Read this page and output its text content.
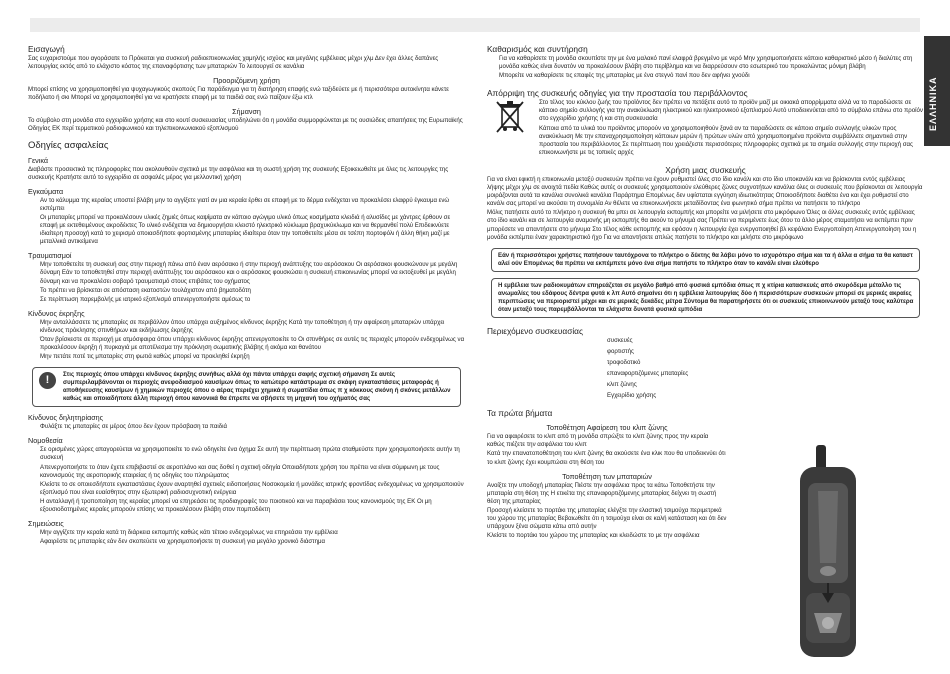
ΕΛΛΗΝΙΚΑ
Εισαγωγή

Σας ευχαριστούμε που αγοράσατε το Πρόκειται για συσκευή ραδιοεπικοινωνίας χαμηλής ισχύος και μεγάλης εμβέλειας μέχρι χλμ Δεν έχει άλλες δαπάνες λειτουργίας εκτός από το ελάχιστο κόστος της επαναφόρτισης των μπαταριών Το λειτουργεί σε κανάλια

Προοριζόμενη χρήση

Μπορεί επίσης να χρησιμοποιηθεί για ψυχαγωγικούς σκοπούς Για παράδειγμα για τη διατήρηση επαφής ενώ ταξιδεύετε με ή περισσότερα αυτοκίνητα κάνετε ποδήλατο ή σκι Μπορεί να χρησιμοποιηθεί για να κρατήσετε επαφή με τα παιδιά σας ενώ παίζουν έξω κτλ

Σήμανση

Το σύμβολο στη μονάδα στο εγχειρίδιο χρήσης και στο κουτί συσκευασίας υποδηλώνει ότι η μονάδα συμμορφώνεται με τις ουσιώδεις απαιτήσεις της Ευρωπαϊκής Οδηγίας ΕΚ περί τερματικού ραδιοφωνικού και τηλεπικοινωνιακού εξοπλισμού

Οδηγίες ασφαλείας
Γενικά

Διαβάστε προσεκτικά τις πληροφορίες που ακολουθούν σχετικά με την ασφάλεια και τη σωστή χρήση της συσκευής Εξοικειωθείτε με όλες τις λειτουργίες της συσκευής Κρατήστε αυτό το εγχειρίδιο σε ασφαλές μέρος για μελλοντική χρήση

Εγκαύματα

Αν το κάλυμμα της κεραίας υποστεί βλάβη μην το αγγίξετε γιατί αν μια κεραία έρθει σε επαφή με το δέρμα ενδέχεται να προκαλέσει ελαφρύ έγκαυμα ενώ εκπέμπει

Οι μπαταρίες μπορεί να προκαλέσουν υλικές ζημιές όπως καψίματα αν κάποιο αγώγιμο υλικό όπως κοσμήματα κλειδιά ή αλυσίδες με χάντρες έρθουν σε επαφή με εκτεθειμένους ακροδέκτες Το υλικό ενδέχεται να δημιουργήσει κλειστό ηλεκτρικό κύκλωμα βραχυκύκλωμα και να θερμανθεί πολύ Επιδεικνύετε ιδιαίτερη προσοχή κατά το χειρισμό οποιασδήποτε φορτισμένης μπαταρίας ιδιαίτερα όταν την τοποθετείτε μέσα σε τσέπη πορτοφόλι ή άλλη θήκη μαζί με μεταλλικά αντικείμενα

Τραυματισμοί

Μην τοποθετείτε τη συσκευή σας στην περιοχή πάνω από έναν αερόσακο ή στην περιοχή ανάπτυξης του αερόσακου Οι αερόσακοι φουσκώνουν με μεγάλη δύναμη Εάν το τοποθετηθεί στην περιοχή ανάπτυξης του αερόσακου και ο αερόσακος φουσκώσει η συσκευή επικοινωνίας μπορεί να εκτοξευθεί με μεγάλη δύναμη και να προκαλέσει σοβαρό τραυματισμό στους επιβάτες του οχήματος

Το πρέπει να βρίσκεται σε απόσταση εκατοστών τουλάχιστον από βηματοδότη

Σε περίπτωση παρεμβολής με ιατρικό εξοπλισμό απενεργοποιήστε αμέσως το

Κίνδυνος έκρηξης

Μην ανταλλάσσετε τις μπαταρίες σε περιβάλλον όπου υπάρχει αυξημένος κίνδυνος έκρηξης Κατά την τοποθέτηση ή την αφαίρεση μπαταριών υπάρχει κίνδυνος πρόκλησης σπινθήρων και εκδήλωσης έκρηξης

Όταν βρίσκεστε σε περιοχή με ατμόσφαιρα όπου υπάρχει κίνδυνος έκρηξης απενεργοποιείτε το Οι σπινθήρες σε αυτές τις περιοχές μπορούν ενδεχομένως να προκαλέσουν έκρηξη ή πυρκαγιά με αποτέλεσμα την πρόκληση σωματικής βλάβης ή ακόμα και θανάτου

Μην πετάτε ποτέ τις μπαταρίες στη φωτιά καθώς μπορεί να προκληθεί έκρηξη

!	Στις περιοχές όπου υπάρχει κίνδυνος έκρηξης συνήθως αλλά όχι πάντα υπάρχει σαφής σχετική σήμανση Σε αυτές συμπεριλαμβάνονται οι περιοχές ανεφοδιασμού καυσίμων όπως το κατώτερο κατάστρωμα σε σκάφη εγκαταστάσεις μεταφοράς ή αποθήκευσης καυσίμων ή χημικών περιοχές όπου ο αέρας περιέχει χημικά ή σωματίδια όπως π χ κόκκους σκόνη ή σκόνες μετάλλων καθώς και οποιαδήποτε άλλη περιοχή όπου κανονικά θα έπρεπε να σβήσετε τη μηχανή του οχήματός σας
Κίνδυνος δηλητηρίασης

Φυλάξτε τις μπαταρίες σε μέρος όπου δεν έχουν πρόσβαση τα παιδιά

Νομοθεσία

Σε ορισμένες χώρες απαγορεύεται να χρησιμοποιείτε το ενώ οδηγείτε ένα όχημα Σε αυτή την περίπτωση πρώτα σταθμεύστε πριν χρησιμοποιήσετε αυτήν τη συσκευή

Απενεργοποιήστε το όταν έχετε επιβιβαστεί σε αεροπλάνο και σας δοθεί η σχετική οδηγία Οποιαδήποτε χρήση του πρέπει να είναι σύμφωνη με τους κανονισμούς της αεροπορικής εταιρείας ή τις οδηγίες του πληρώματος

Κλείστε το σε οποιεσδήποτε εγκαταστάσεις έχουν αναρτηθεί σχετικές ειδοποιήσεις Νοσοκομεία ή μονάδες ιατρικής φροντίδας ενδεχομένως να χρησιμοποιούν εξοπλισμό που είναι ευαίσθητος στην εξωτερική ραδιοσυχνοτική ενέργεια

Η ανταλλαγή ή τροποποίηση της κεραίας μπορεί να επηρεάσει τις προδιαγραφές του ποιοτικού και να παραβιάσει τους κανονισμούς της ΕΚ Οι μη εξουσιοδοτημένες κεραίες μπορούν επίσης να προκαλέσουν βλάβη στον πομποδέκτη

Σημειώσεις

Μην αγγίζετε την κεραία κατά τη διάρκεια εκπομπής καθώς κάτι τέτοιο ενδεχομένως να επηρεάσει την εμβέλεια

Αφαιρέστε τις μπαταρίες εάν δεν σκοπεύετε να χρησιμοποιήσετε τη συσκευή για μεγάλο χρονικό διάστημα

Καθαρισμός και συντήρηση

Για να καθαρίσετε τη μονάδα σκουπίστε την με ένα μαλακό πανί ελαφρά βρεγμένο με νερό Μην χρησιμοποιήσετε κάποιο καθαριστικό μέσο ή διαλύτες στη μονάδα καθώς είναι δυνατόν να προκαλέσουν βλάβη στο περίβλημα και να διαρρεύσουν στο εσωτερικό του προκαλώντας μόνιμη βλάβη

Μπορείτε να καθαρίσετε τις επαφές της μπαταρίας με ένα στεγνό πανί που δεν αφήνει χνούδι

Απόρριψη της συσκευής οδηγίες για την προστασία του περιβάλλοντος

Στο τέλος του κύκλου ζωής του προϊόντος δεν πρέπει να πετάξετε αυτό το προϊόν μαζί με οικιακά απορρίμματα αλλά να το παραδώσετε σε κάποιο σημείο συλλογής για την ανακύκλωση ηλεκτρικού και ηλεκτρονικού εξοπλισμού Αυτό υποδεικνύεται από το σύμβολο επάνω στο προϊόν στο εγχειρίδιο χρήσης ή και στη συσκευασία

Κάποια από τα υλικά του προϊόντος μπορούν να χρησιμοποιηθούν ξανά αν τα παραδώσετε σε κάποιο σημείο συλλογής υλικών προς ανακύκλωση Με την επαναχρησιμοποίηση κάποιων μερών ή πρώτων υλών από χρησιμοποιημένα προϊόντα συμβάλλετε σημαντικά στην προστασία του περιβάλλοντος Σε περίπτωση που χρειάζεστε περισσότερες πληροφορίες σχετικά με τα σημεία συλλογής στην περιοχή σας επικοινωνήστε με τις τοπικές αρχές

Χρήση μιας συσκευής

Για να είναι εφικτή η επικοινωνία μεταξύ συσκευών πρέπει να έχουν ρυθμιστεί όλες στο ίδιο κανάλι και στο ίδιο υποκανάλι και να βρίσκονται εντός εμβέλειας λήψης μέχρι χλμ σε ανοιχτά πεδία Καθώς αυτές οι συσκευές χρησιμοποιούν ελεύθερες ζώνες συχνοτήτων κανάλια όλες οι συσκευές που βρίσκονται σε λειτουργία μοιράζονται αυτά τα κανάλια συνολικά κανάλια Παράρτημα Επομένως δεν υφίσταται εγγύηση ιδιωτικότητας Οποιοσδήποτε διαθέτει ένα και έχει ρυθμιστεί στο κανάλι σας μπορεί να ακούσει τη συνομιλία Αν θέλετε να επικοινωνήσετε μεταδίδοντας ένα φωνητικό σήμα πρέπει να πατήσετε το πλήκτρο

Μόλις πατήσετε αυτό το πλήκτρο η συσκευή θα μπει σε λειτουργία εκπομπής και μπορείτε να μιλήσετε στο μικρόφωνο Όλες οι άλλες συσκευές εντός εμβέλειας στο ίδιο κανάλι και σε λειτουργία αναμονής μη εκπομπής θα ακούν το μήνυμά σας Πρέπει να περιμένετε έως ότου το άλλο μέρος σταματήσει να εκπέμπει πριν μπορέσετε να απαντήσετε στο μήνυμα Στο τέλος κάθε εκπομπής και εφόσον η λειτουργία έχει ενεργοποιηθεί βλ κεφάλαιο Ενεργοποίηση Απενεργοποίηση του η μονάδα εκπέμπει έναν χαρακτηριστικό ήχο Για να απαντήσετε απλώς πατήστε το πλήκτρο και μιλήστε στο μικρόφωνο

Εάν ή περισσότεροι χρήστες πατήσουν ταυτόχρονα το πλήκτρο ο δέκτης θα λάβει μόνο το ισχυρότερο σήμα και τα ή άλλα α σήμα τα θα καταστ αλεί ούν Επομένως θα πρέπει να εκπέμπετε μόνο ένα σήμα πατήστε το πλήκτρο όταν το κανάλι είναι ελεύθερο
Η εμβέλεια των ραδιοκυμάτων επηρεάζεται σε μεγάλο βαθμό από φυσικά εμπόδια όπως π χ κτίρια κατασκευές από σκυρόδεμα μέταλλο τις ανωμαλίες του εδάφους δέντρα φυτά κ λπ Αυτό σημαίνει ότι η εμβέλεια λειτουργίας δύο ή περισσότερων συσκευών μπορεί σε μερικές ακραίες περιπτώσεις να περιοριστεί μέχρι και σε μερικές δεκάδες μέτρα Σύντομα θα παρατηρήσετε ότι οι συσκευές επικοινωνούν μεταξύ τους καλύτερα όταν μεταξύ τους παρεμβάλλονται τα ελάχιστα δυνατά φυσικά εμπόδια
Περιεχόμενο συσκευασίας

συσκευές

φορτιστής

τροφοδοτικό

επαναφορτιζόμενες μπαταρίες

κλιπ ζώνης

Εγχειρίδιο χρήσης

Τα πρώτα βήματα
Τοποθέτηση Αφαίρεση του κλιπ ζώνης

Για να αφαιρέσετε το κλιπ από τη μονάδα σπρώξτε το κλιπ ζώνης προς την κεραία καθώς πιέζετε την ασφάλεια του κλιπ

Κατά την επανατοποθέτηση του κλιπ ζώνης θα ακούσετε ένα κλικ που θα υποδεικνύει ότι το κλιπ ζώνης έχει κουμπώσει στη θέση του

Τοποθέτηση των μπαταριών

Ανοίξτε την υποδοχή μπαταρίας Πιέστε την ασφάλεια προς τα κάτω Τοποθετήστε την μπαταρία στη θέση της Η ετικέτα της επαναφορτιζόμενης μπαταρίας δείχνει τη σωστή θέση της μπαταρίας

Προσοχή κλείσετε το πορτάκι της μπαταρίας ελέγξτε την ελαστική τσιμούχα περιμετρικά του χώρου της μπαταρίας Βεβαιωθείτε ότι η τσιμούχα είναι σε καλή κατάσταση και ότι δεν υπάρχουν ξένα σώματα κάτω από αυτήν

Κλείστε το πορτάκι του χώρου της μπαταρίας και κλειδώστε το με την ασφάλεια
